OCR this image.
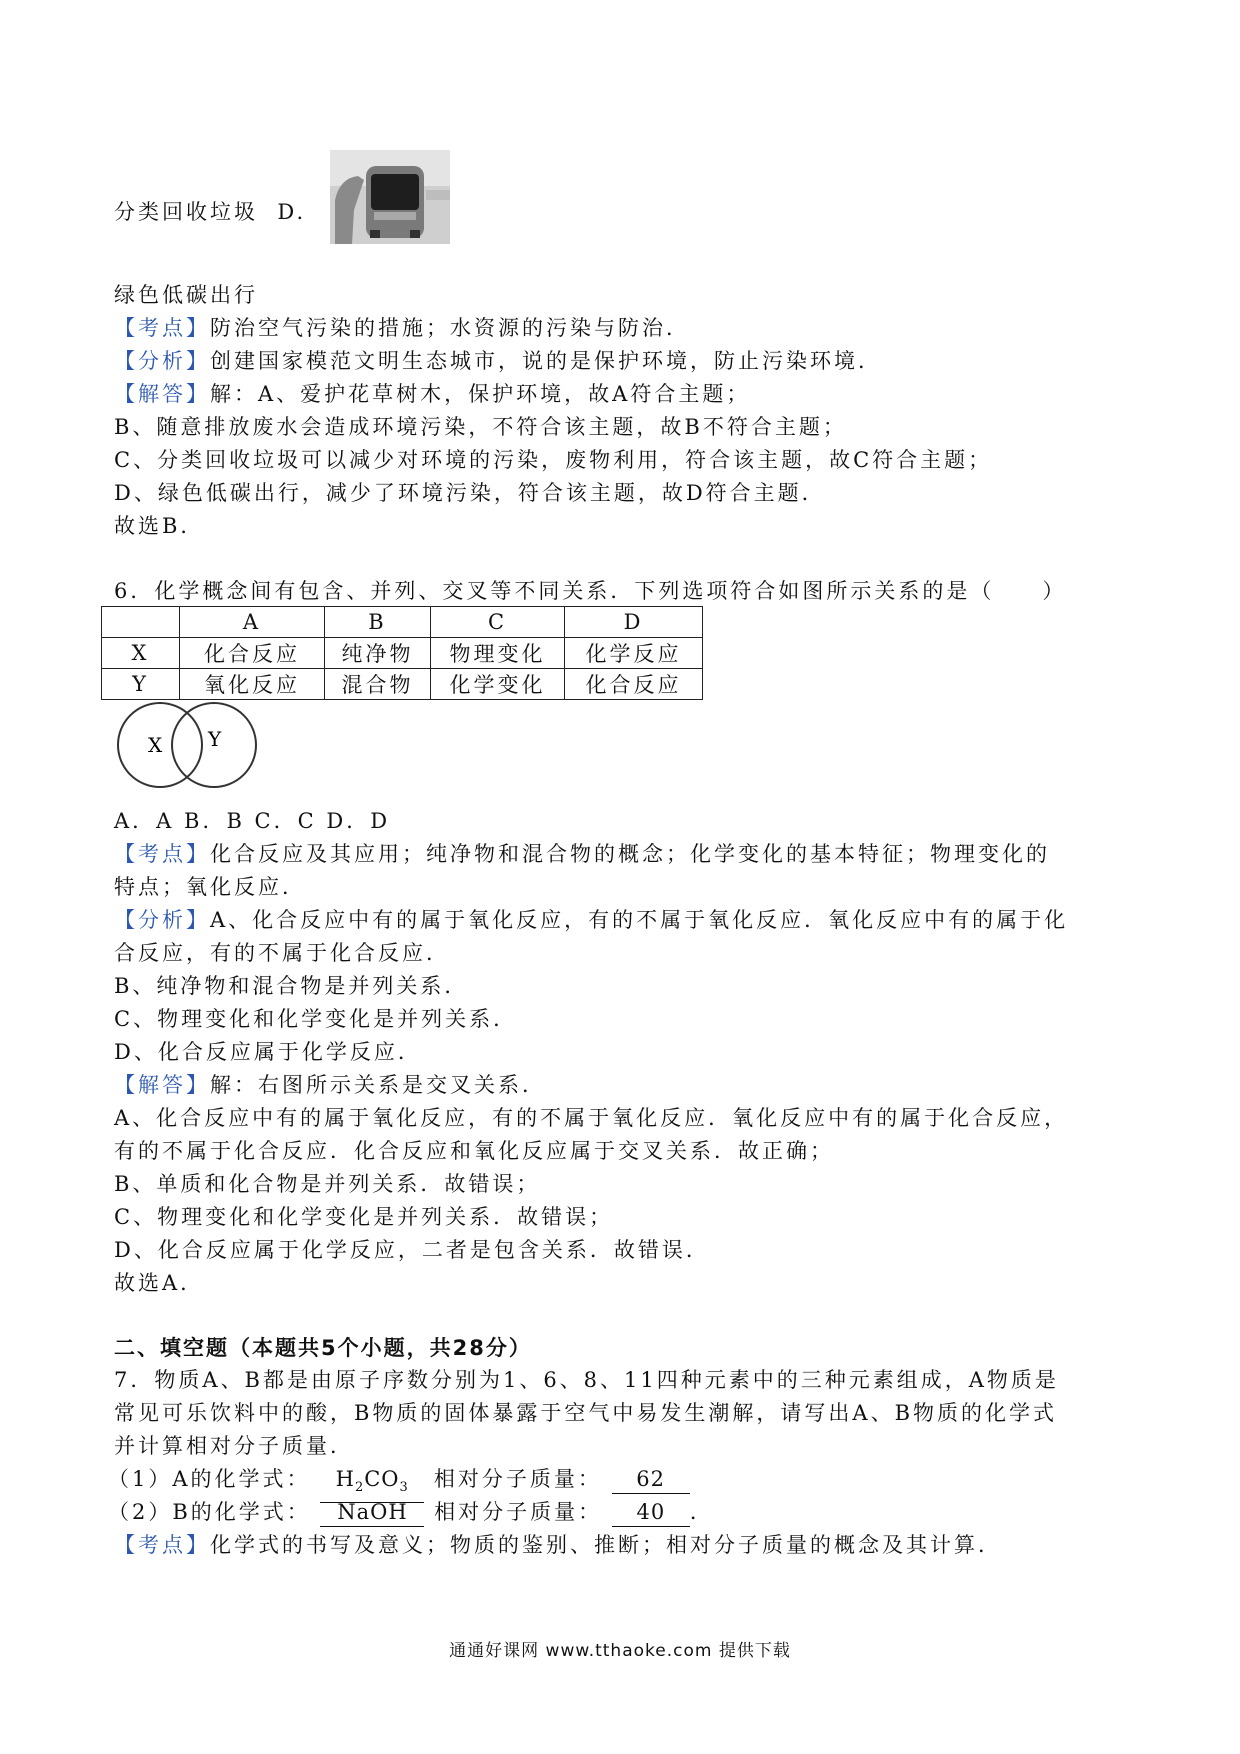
分类回收垃圾 D.
绿色低碳出行
【考点】防治空气污染的措施；水资源的污染与防治．
【分析】创建国家模范文明生态城市，说的是保护环境，防止污染环境．
【解答】解：A、爱护花草树木，保护环境，故A符合主题；
B、随意排放废水会造成环境污染，不符合该主题，故B不符合主题；
C、分类回收垃圾可以减少对环境的污染，废物利用，符合该主题，故C符合主题；
D、绿色低碳出行，减少了环境污染，符合该主题，故D符合主题．
故选B．
6．化学概念间有包含、并列、交叉等不同关系．下列选项符合如图所示关系的是（　　）
	A	B	C	D
X	化合反应	纯净物	物理变化	化学反应
Y	氧化反应	混合物	化学变化	化合反应
X Y
A．A B．B C．C D．D
【考点】化合反应及其应用；纯净物和混合物的概念；化学变化的基本特征；物理变化的
特点；氧化反应．
【分析】A、化合反应中有的属于氧化反应，有的不属于氧化反应．氧化反应中有的属于化
合反应，有的不属于化合反应．
B、纯净物和混合物是并列关系．
C、物理变化和化学变化是并列关系．
D、化合反应属于化学反应．
【解答】解：右图所示关系是交叉关系．
A、化合反应中有的属于氧化反应，有的不属于氧化反应．氧化反应中有的属于化合反应，
有的不属于化合反应．化合反应和氧化反应属于交叉关系．故正确；
B、单质和化合物是并列关系．故错误；
C、物理变化和化学变化是并列关系．故错误；
D、化合反应属于化学反应，二者是包含关系．故错误．
故选A．
二、填空题（本题共5个小题，共28分）
7．物质A、B都是由原子序数分别为1、6、8、11四种元素中的三种元素组成，A物质是
常见可乐饮料中的酸，B物质的固体暴露于空气中易发生潮解，请写出A、B物质的化学式
并计算相对分子质量．
（1）A的化学式： $H_2CO_3$ 相对分子质量： 62
（2）B的化学式： NaOH 相对分子质量： 40 ．
【考点】化学式的书写及意义；物质的鉴别、推断；相对分子质量的概念及其计算．
通通好课网 www.tthaoke.com 提供下载
